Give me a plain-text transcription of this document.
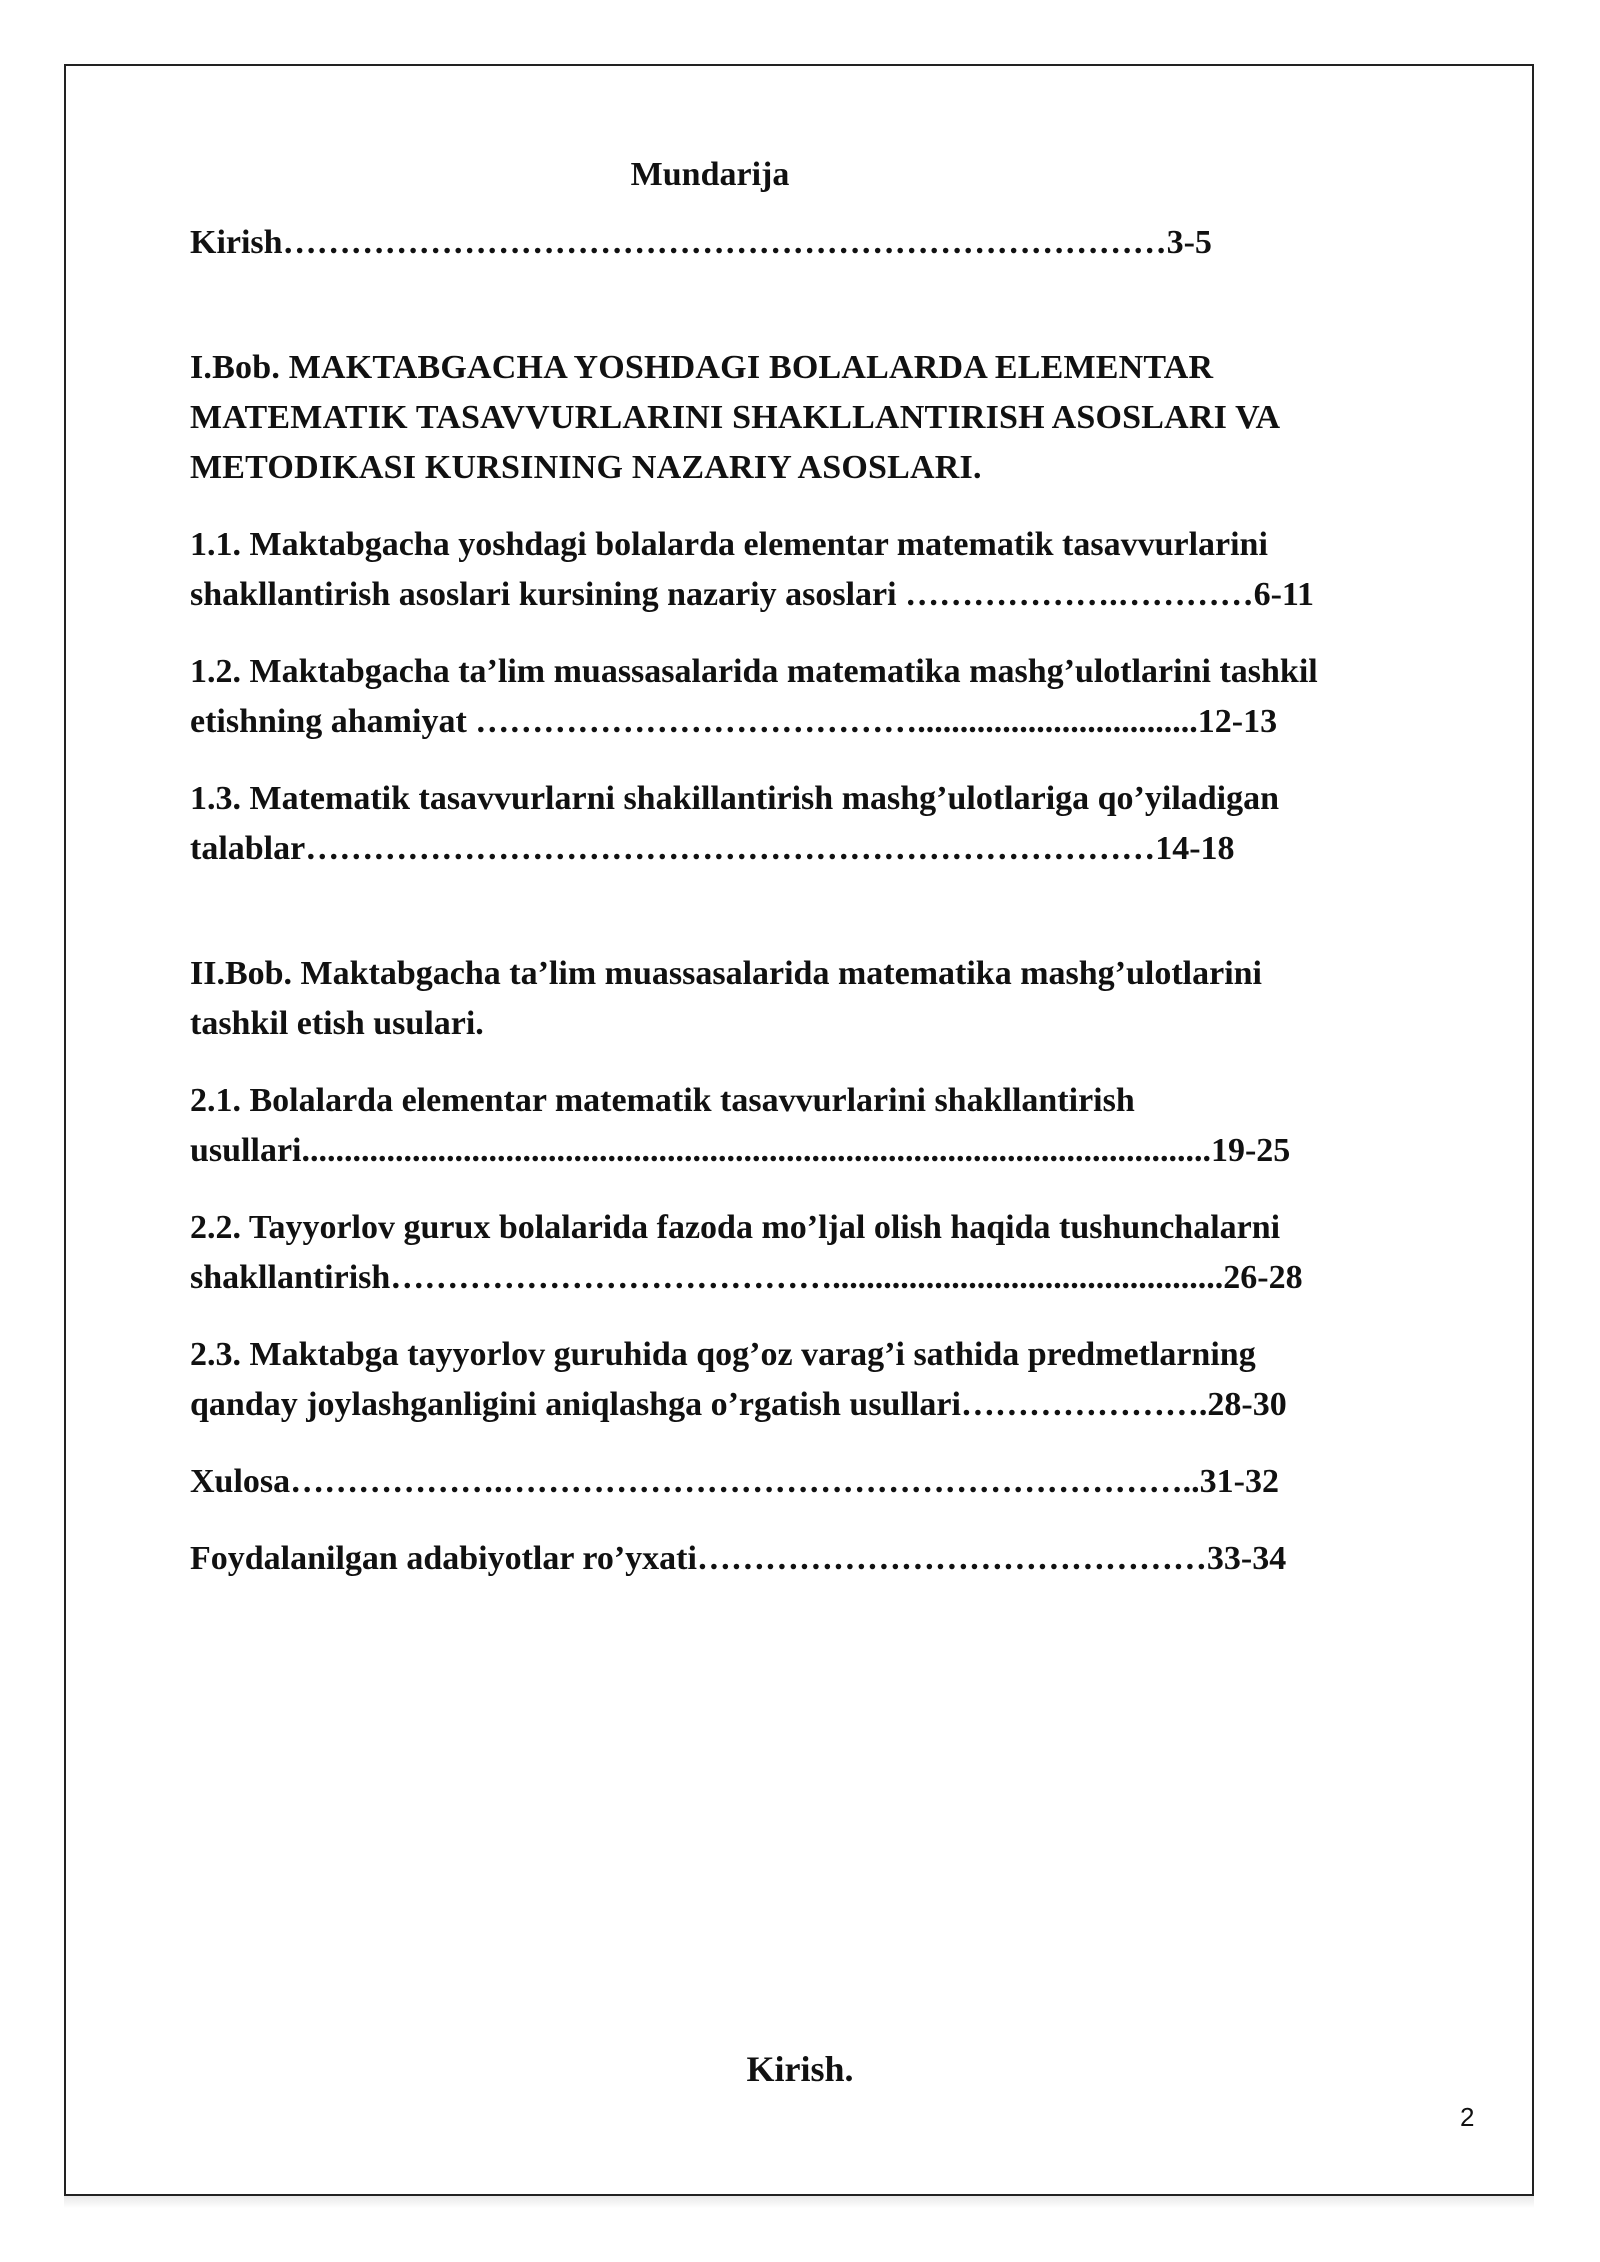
Mundarija
Kirish……………………………………………………………………3-5
I.Bob. MAKTABGACHA YOSHDAGI BOLALARDA ELEMENTAR
MATEMATIK TASAVVURLARINI SHAKLLANTIRISH ASOSLARI VA
METODIKASI KURSINING NAZARIY ASOSLARI.
1.1. Maktabgacha yoshdagi bolalarda elementar matematik tasavvurlarini
shakllantirish asoslari kursining nazariy asoslari ……………….…………6-11
1.2. Maktabgacha ta’lim muassasalarida matematika mashg’ulotlarini tashkil
etishning ahamiyat ………………………………….................................12-13
1.3. Matematik tasavvurlarni shakillantirish mashg’ulotlariga qo’yiladigan
talablar…………………………………………………………………14-18
II.Bob. Maktabgacha ta’lim muassasalarida matematika mashg’ulotlarini
tashkil etish usulari.
2.1. Bolalarda elementar matematik tasavvurlarini shakllantirish
usullari...........................................................................................................19-25
2.2. Tayyorlov gurux bolalarida fazoda mo’ljal olish haqida tushunchalarni
shakllantirish…………………………………..............................................26-28
2.3. Maktabga tayyorlov guruhida qog’oz varag’i sathida predmetlarning
qanday joylashganligini aniqlashga o’rgatish usullari………………….28-30
Xulosa……………….……………………………………………………..31-32
Foydalanilgan adabiyotlar ro’yxati………………………………………33-34
Kirish.
2
